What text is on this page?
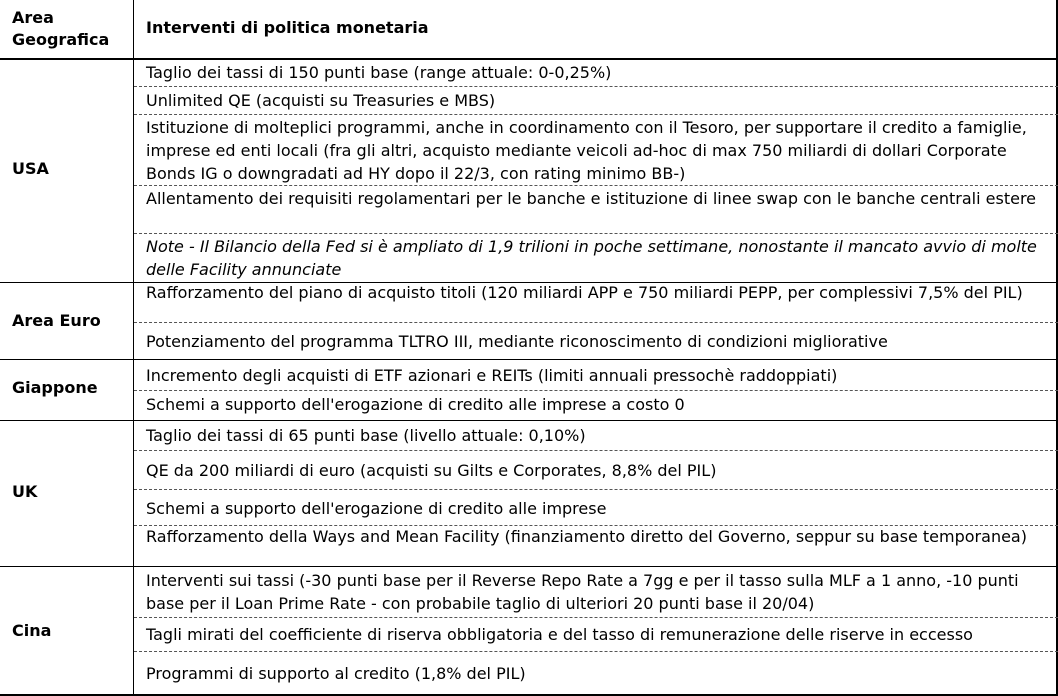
Area
Geografica
Interventi di politica monetaria
USA
Area Euro
Giappone
UK
Cina
Taglio dei tassi di 150 punti base (range attuale: 0-0,25%)
Unlimited QE (acquisti su Treasuries e MBS)
Istituzione di molteplici programmi, anche in coordinamento con il Tesoro, per supportare il credito a famiglie, imprese ed enti locali (fra gli altri, acquisto mediante veicoli ad-hoc di max 750 miliardi di dollari Corporate Bonds IG o downgradati ad HY dopo il 22/3, con rating minimo BB-)
Allentamento dei requisiti regolamentari per le banche e istituzione di linee swap con le banche centrali estere
Note - Il Bilancio della Fed si è ampliato di 1,9 trilioni in poche settimane, nonostante il mancato avvio di molte delle Facility annunciate
Rafforzamento del piano di acquisto titoli (120 miliardi APP e 750 miliardi PEPP, per complessivi 7,5% del PIL)
Potenziamento del programma TLTRO III, mediante riconoscimento di condizioni migliorative
Incremento degli acquisti di ETF azionari e REITs (limiti annuali pressochè raddoppiati)
Schemi a supporto dell'erogazione di credito alle imprese a costo 0
Taglio dei tassi di 65 punti base (livello attuale: 0,10%)
QE da 200 miliardi di euro (acquisti su Gilts e Corporates, 8,8% del PIL)
Schemi a supporto dell'erogazione di credito alle imprese
Rafforzamento della Ways and Mean Facility (finanziamento diretto del Governo, seppur su base temporanea)
Interventi sui tassi (-30 punti base per il Reverse Repo Rate a 7gg e per il tasso sulla MLF a 1 anno, -10 punti base per il Loan Prime Rate - con probabile taglio di ulteriori 20 punti base il 20/04)
Tagli mirati del coefficiente di riserva obbligatoria e del tasso di remunerazione delle riserve in eccesso
Programmi di supporto al credito (1,8% del PIL)
